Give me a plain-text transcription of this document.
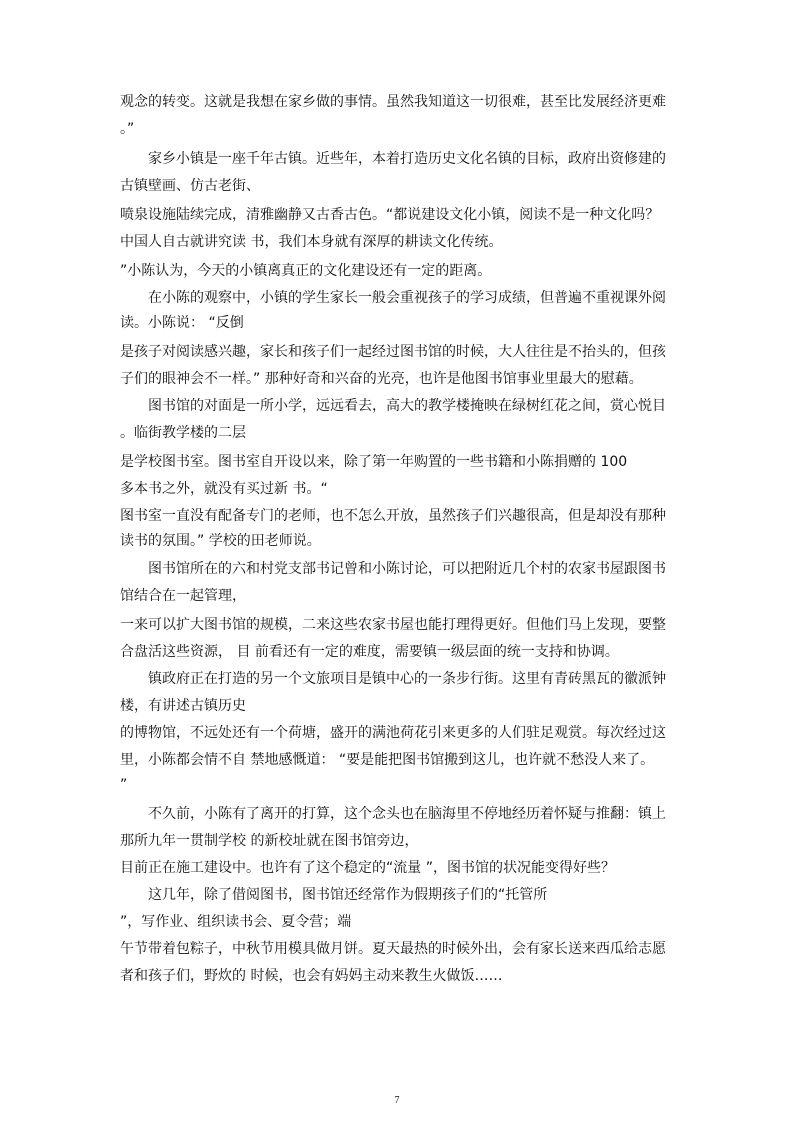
观念的转变。这就是我想在家乡做的事情。虽然我知道这一切很难，甚至比发展经济更难
。”
　　家乡小镇是一座千年古镇。近些年，本着打造历史文化名镇的目标，政府出资修建的
古镇壁画、仿古老街、
喷泉设施陆续完成，清雅幽静又古香古色。“都说建设文化小镇，阅读不是一种文化吗？
中国人自古就讲究读 书，我们本身就有深厚的耕读文化传统。
”小陈认为，今天的小镇离真正的文化建设还有一定的距离。
　　在小陈的观察中，小镇的学生家长一般会重视孩子的学习成绩，但普遍不重视课外阅
读。小陈说： “反倒
是孩子对阅读感兴趣，家长和孩子们一起经过图书馆的时候，大人往往是不抬头的，但孩
子们的眼神会不一样。” 那种好奇和兴奋的光亮，也许是他图书馆事业里最大的慰藉。
　　图书馆的对面是一所小学，远远看去，高大的教学楼掩映在绿树红花之间，赏心悦目
。临街教学楼的二层
是学校图书室。图书室自开设以来，除了第一年购置的一些书籍和小陈捐赠的 100
多本书之外，就没有买过新 书。“
图书室一直没有配备专门的老师，也不怎么开放，虽然孩子们兴趣很高，但是却没有那种
读书的氛围。” 学校的田老师说。
　　图书馆所在的六和村党支部书记曾和小陈讨论，可以把附近几个村的农家书屋跟图书
馆结合在一起管理，
一来可以扩大图书馆的规模，二来这些农家书屋也能打理得更好。但他们马上发现，要整
合盘活这些资源， 目 前看还有一定的难度，需要镇一级层面的统一支持和协调。
　　镇政府正在打造的另一个文旅项目是镇中心的一条步行街。这里有青砖黑瓦的徽派钟
楼，有讲述古镇历史
的博物馆，不远处还有一个荷塘，盛开的满池荷花引来更多的人们驻足观赏。每次经过这
里，小陈都会情不自 禁地感慨道： “要是能把图书馆搬到这儿，也许就不愁没人来了。
”
　　不久前，小陈有了离开的打算，这个念头也在脑海里不停地经历着怀疑与推翻：镇上
那所九年一贯制学校 的新校址就在图书馆旁边，
目前正在施工建设中。也许有了这个稳定的“流量 ”，图书馆的状况能变得好些？
　　这几年，除了借阅图书，图书馆还经常作为假期孩子们的“托管所
”，写作业、组织读书会、夏令营；端
午节带着包粽子，中秋节用模具做月饼。夏天最热的时候外出，会有家长送来西瓜给志愿
者和孩子们，野炊的 时候，也会有妈妈主动来教生火做饭……
7
